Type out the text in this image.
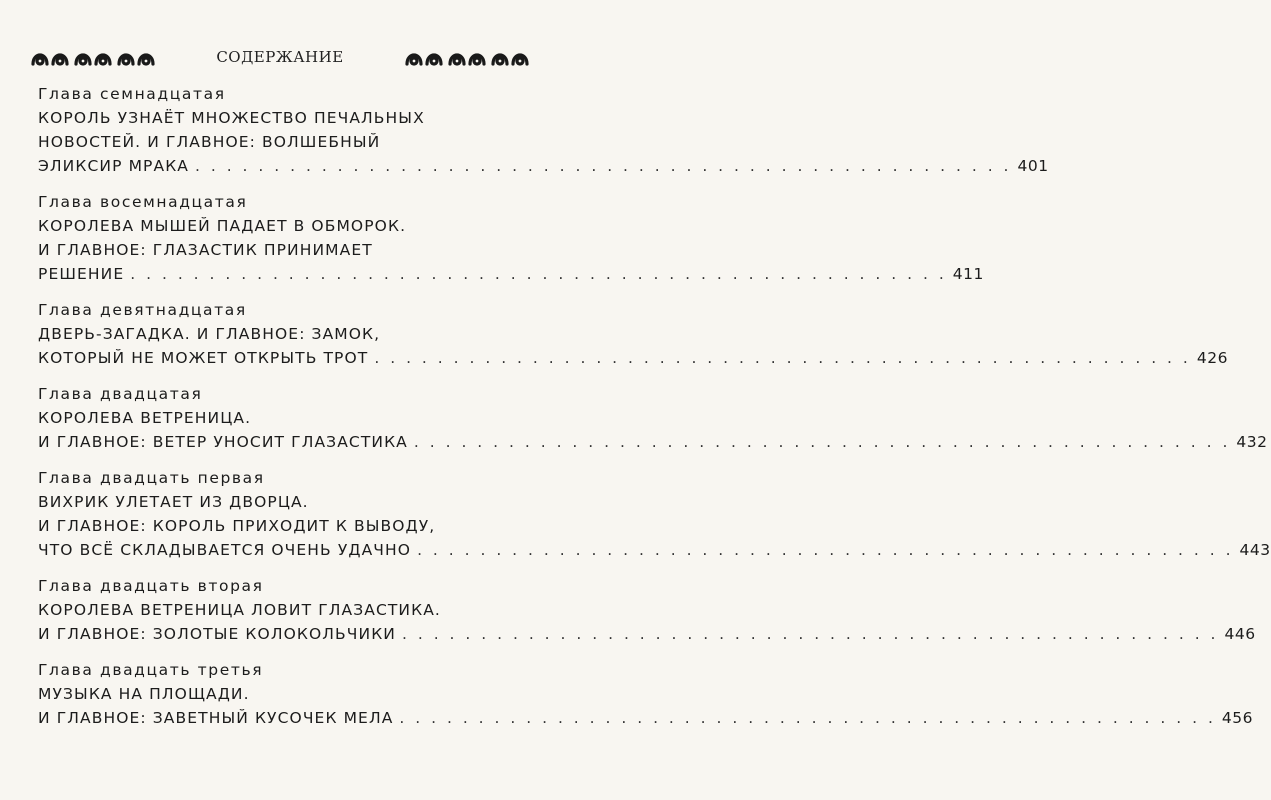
СОДЕРЖАНИЕ
Глава семнадцатая
КОРОЛЬ УЗНАЁТ МНОЖЕСТВО ПЕЧАЛЬНЫХ
НОВОСТЕЙ. И ГЛАВНОЕ: ВОЛШЕБНЫЙ
ЭЛИКСИР МРАКА . . . . . . . . . . . . . . . . . . . . . . . . . . . . . . . . . . . . . . . . . . . . . . . . . . . . 401
Глава восемнадцатая
КОРОЛЕВА МЫШЕЙ ПАДАЕТ В ОБМОРОК.
И ГЛАВНОЕ: ГЛАЗАСТИК ПРИНИМАЕТ
РЕШЕНИЕ . . . . . . . . . . . . . . . . . . . . . . . . . . . . . . . . . . . . . . . . . . . . . . . . . . . . 411
Глава девятнадцатая
ДВЕРЬ-ЗАГАДКА. И ГЛАВНОЕ: ЗАМОК,
КОТОРЫЙ НЕ МОЖЕТ ОТКРЫТЬ ТРОТ . . . . . . . . . . . . . . . . . . . . . . . . . . . . . . . . . . . . . . . . . . . . . . . . . . . . 426
Глава двадцатая
КОРОЛЕВА ВЕТРЕНИЦА.
И ГЛАВНОЕ: ВЕТЕР УНОСИТ ГЛАЗАСТИКА . . . . . . . . . . . . . . . . . . . . . . . . . . . . . . . . . . . . . . . . . . . . . . . . . . . . 432
Глава двадцать первая
ВИХРИК УЛЕТАЕТ ИЗ ДВОРЦА.
И ГЛАВНОЕ: КОРОЛЬ ПРИХОДИТ К ВЫВОДУ,
ЧТО ВСЁ СКЛАДЫВАЕТСЯ ОЧЕНЬ УДАЧНО . . . . . . . . . . . . . . . . . . . . . . . . . . . . . . . . . . . . . . . . . . . . . . . . . . . . 443
Глава двадцать вторая
КОРОЛЕВА ВЕТРЕНИЦА ЛОВИТ ГЛАЗАСТИКА.
И ГЛАВНОЕ: ЗОЛОТЫЕ КОЛОКОЛЬЧИКИ . . . . . . . . . . . . . . . . . . . . . . . . . . . . . . . . . . . . . . . . . . . . . . . . . . . . 446
Глава двадцать третья
МУЗЫКА НА ПЛОЩАДИ.
И ГЛАВНОЕ: ЗАВЕТНЫЙ КУСОЧЕК МЕЛА . . . . . . . . . . . . . . . . . . . . . . . . . . . . . . . . . . . . . . . . . . . . . . . . . . . . 456
